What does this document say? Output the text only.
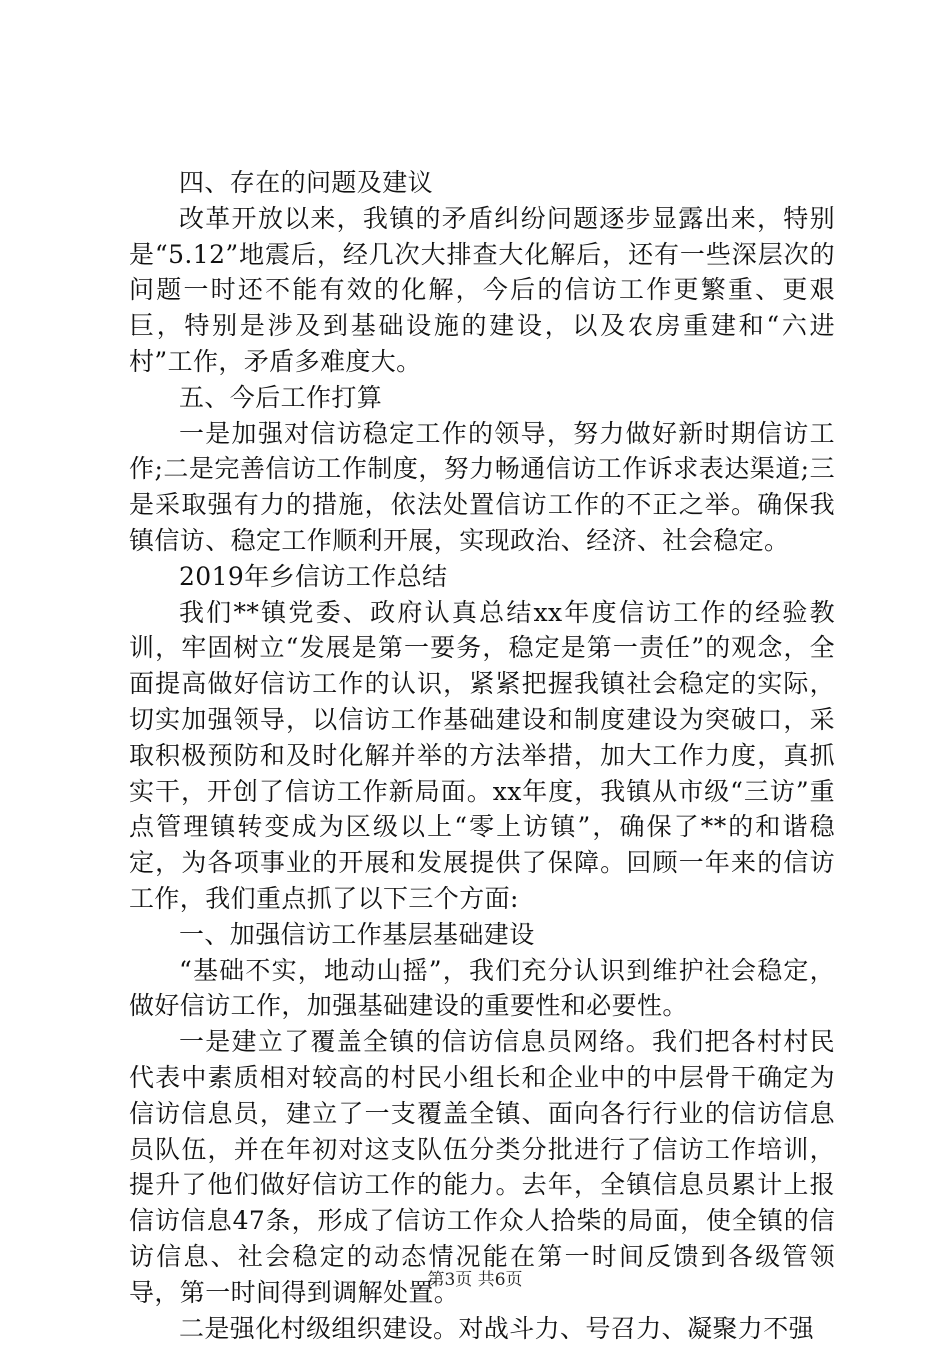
四、存在的问题及建议

改革开放以来，我镇的矛盾纠纷问题逐步显露出来，特别是“5.12”地震后，经几次大排查大化解后，还有一些深层次的问题一时还不能有效的化解，今后的信访工作更繁重、更艰巨，特别是涉及到基础设施的建设，以及农房重建和“六进村”工作，矛盾多难度大。

五、今后工作打算

一是加强对信访稳定工作的领导，努力做好新时期信访工作;二是完善信访工作制度，努力畅通信访工作诉求表达渠道;三是采取强有力的措施，依法处置信访工作的不正之举。确保我镇信访、稳定工作顺利开展，实现政治、经济、社会稳定。

2019年乡信访工作总结

我们**镇党委、政府认真总结xx年度信访工作的经验教训，牢固树立“发展是第一要务，稳定是第一责任”的观念，全面提高做好信访工作的认识，紧紧把握我镇社会稳定的实际，切实加强领导，以信访工作基础建设和制度建设为突破口，采取积极预防和及时化解并举的方法举措，加大工作力度，真抓实干，开创了信访工作新局面。xx年度，我镇从市级“三访”重点管理镇转变成为区级以上“零上访镇”，确保了**的和谐稳定，为各项事业的开展和发展提供了保障。回顾一年来的信访工作，我们重点抓了以下三个方面:

一、加强信访工作基层基础建设

“基础不实，地动山摇”，我们充分认识到维护社会稳定，做好信访工作，加强基础建设的重要性和必要性。

一是建立了覆盖全镇的信访信息员网络。我们把各村村民代表中素质相对较高的村民小组长和企业中的中层骨干确定为信访信息员，建立了一支覆盖全镇、面向各行行业的信访信息员队伍，并在年初对这支队伍分类分批进行了信访工作培训，提升了他们做好信访工作的能力。去年，全镇信息员累计上报信访信息47条，形成了信访工作众人拾柴的局面，使全镇的信访信息、社会稳定的动态情况能在第一时间反馈到各级管领导，第一时间得到调解处置。

二是强化村级组织建设。对战斗力、号召力、凝聚力不强

第3页 共6页
